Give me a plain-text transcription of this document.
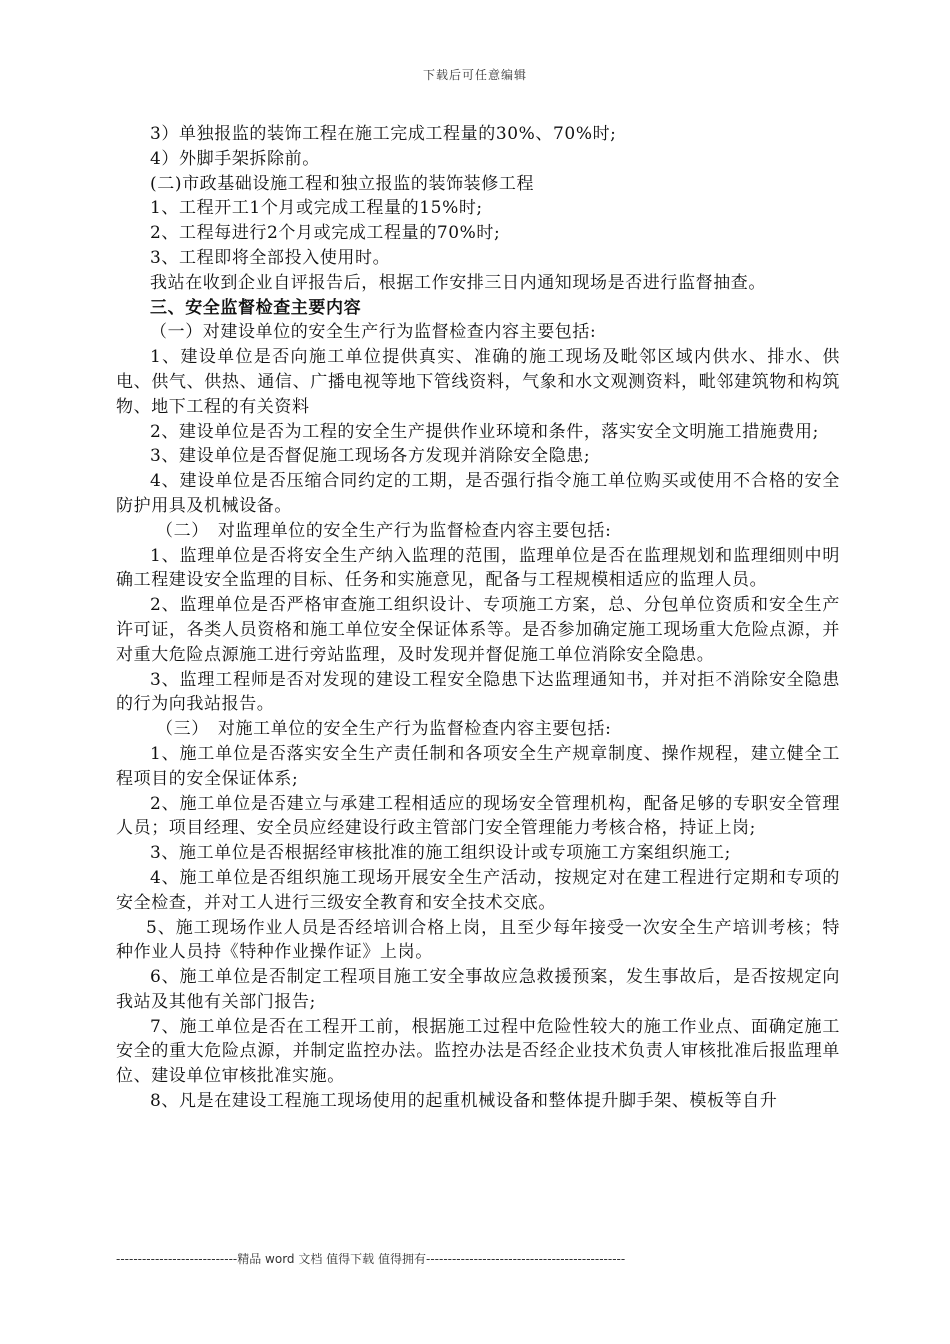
下载后可任意编辑

3）单独报监的装饰工程在施工完成工程量的30%、70%时;

4）外脚手架拆除前。

(二)市政基础设施工程和独立报监的装饰装修工程

1、工程开工1个月或完成工程量的15%时;

2、工程每进行2个月或完成工程量的70%时;

3、工程即将全部投入使用时。

我站在收到企业自评报告后，根据工作安排三日内通知现场是否进行监督抽查。

三、安全监督检查主要内容

（一）对建设单位的安全生产行为监督检查内容主要包括:

1、建设单位是否向施工单位提供真实、准确的施工现场及毗邻区域内供水、排水、供电、供气、供热、通信、广播电视等地下管线资料，气象和水文观测资料，毗邻建筑物和构筑物、地下工程的有关资料

2、建设单位是否为工程的安全生产提供作业环境和条件，落实安全文明施工措施费用;

3、建设单位是否督促施工现场各方发现并消除安全隐患;

4、建设单位是否压缩合同约定的工期，是否强行指令施工单位购买或使用不合格的安全防护用具及机械设备。

（二）　对监理单位的安全生产行为监督检查内容主要包括:

1、监理单位是否将安全生产纳入监理的范围，监理单位是否在监理规划和监理细则中明确工程建设安全监理的目标、任务和实施意见，配备与工程规模相适应的监理人员。

2、监理单位是否严格审查施工组织设计、专项施工方案，总、分包单位资质和安全生产许可证，各类人员资格和施工单位安全保证体系等。是否参加确定施工现场重大危险点源，并对重大危险点源施工进行旁站监理，及时发现并督促施工单位消除安全隐患。

3、监理工程师是否对发现的建设工程安全隐患下达监理通知书，并对拒不消除安全隐患的行为向我站报告。

（三）　对施工单位的安全生产行为监督检查内容主要包括:

1、施工单位是否落实安全生产责任制和各项安全生产规章制度、操作规程，建立健全工程项目的安全保证体系;

2、施工单位是否建立与承建工程相适应的现场安全管理机构，配备足够的专职安全管理人员；项目经理、安全员应经建设行政主管部门安全管理能力考核合格，持证上岗;

3、施工单位是否根据经审核批准的施工组织设计或专项施工方案组织施工;

4、施工单位是否组织施工现场开展安全生产活动，按规定对在建工程进行定期和专项的安全检查，并对工人进行三级安全教育和安全技术交底。

5、施工现场作业人员是否经培训合格上岗，且至少每年接受一次安全生产培训考核；特种作业人员持《特种作业操作证》上岗。

6、施工单位是否制定工程项目施工安全事故应急救援预案，发生事故后，是否按规定向我站及其他有关部门报告;

7、施工单位是否在工程开工前，根据施工过程中危险性较大的施工作业点、面确定施工安全的重大危险点源，并制定监控办法。监控办法是否经企业技术负责人审核批准后报监理单位、建设单位审核批准实施。

8、凡是在建设工程施工现场使用的起重机械设备和整体提升脚手架、模板等自升

----------------------------精品 word 文档 值得下载 值得拥有----------------------------------------------
